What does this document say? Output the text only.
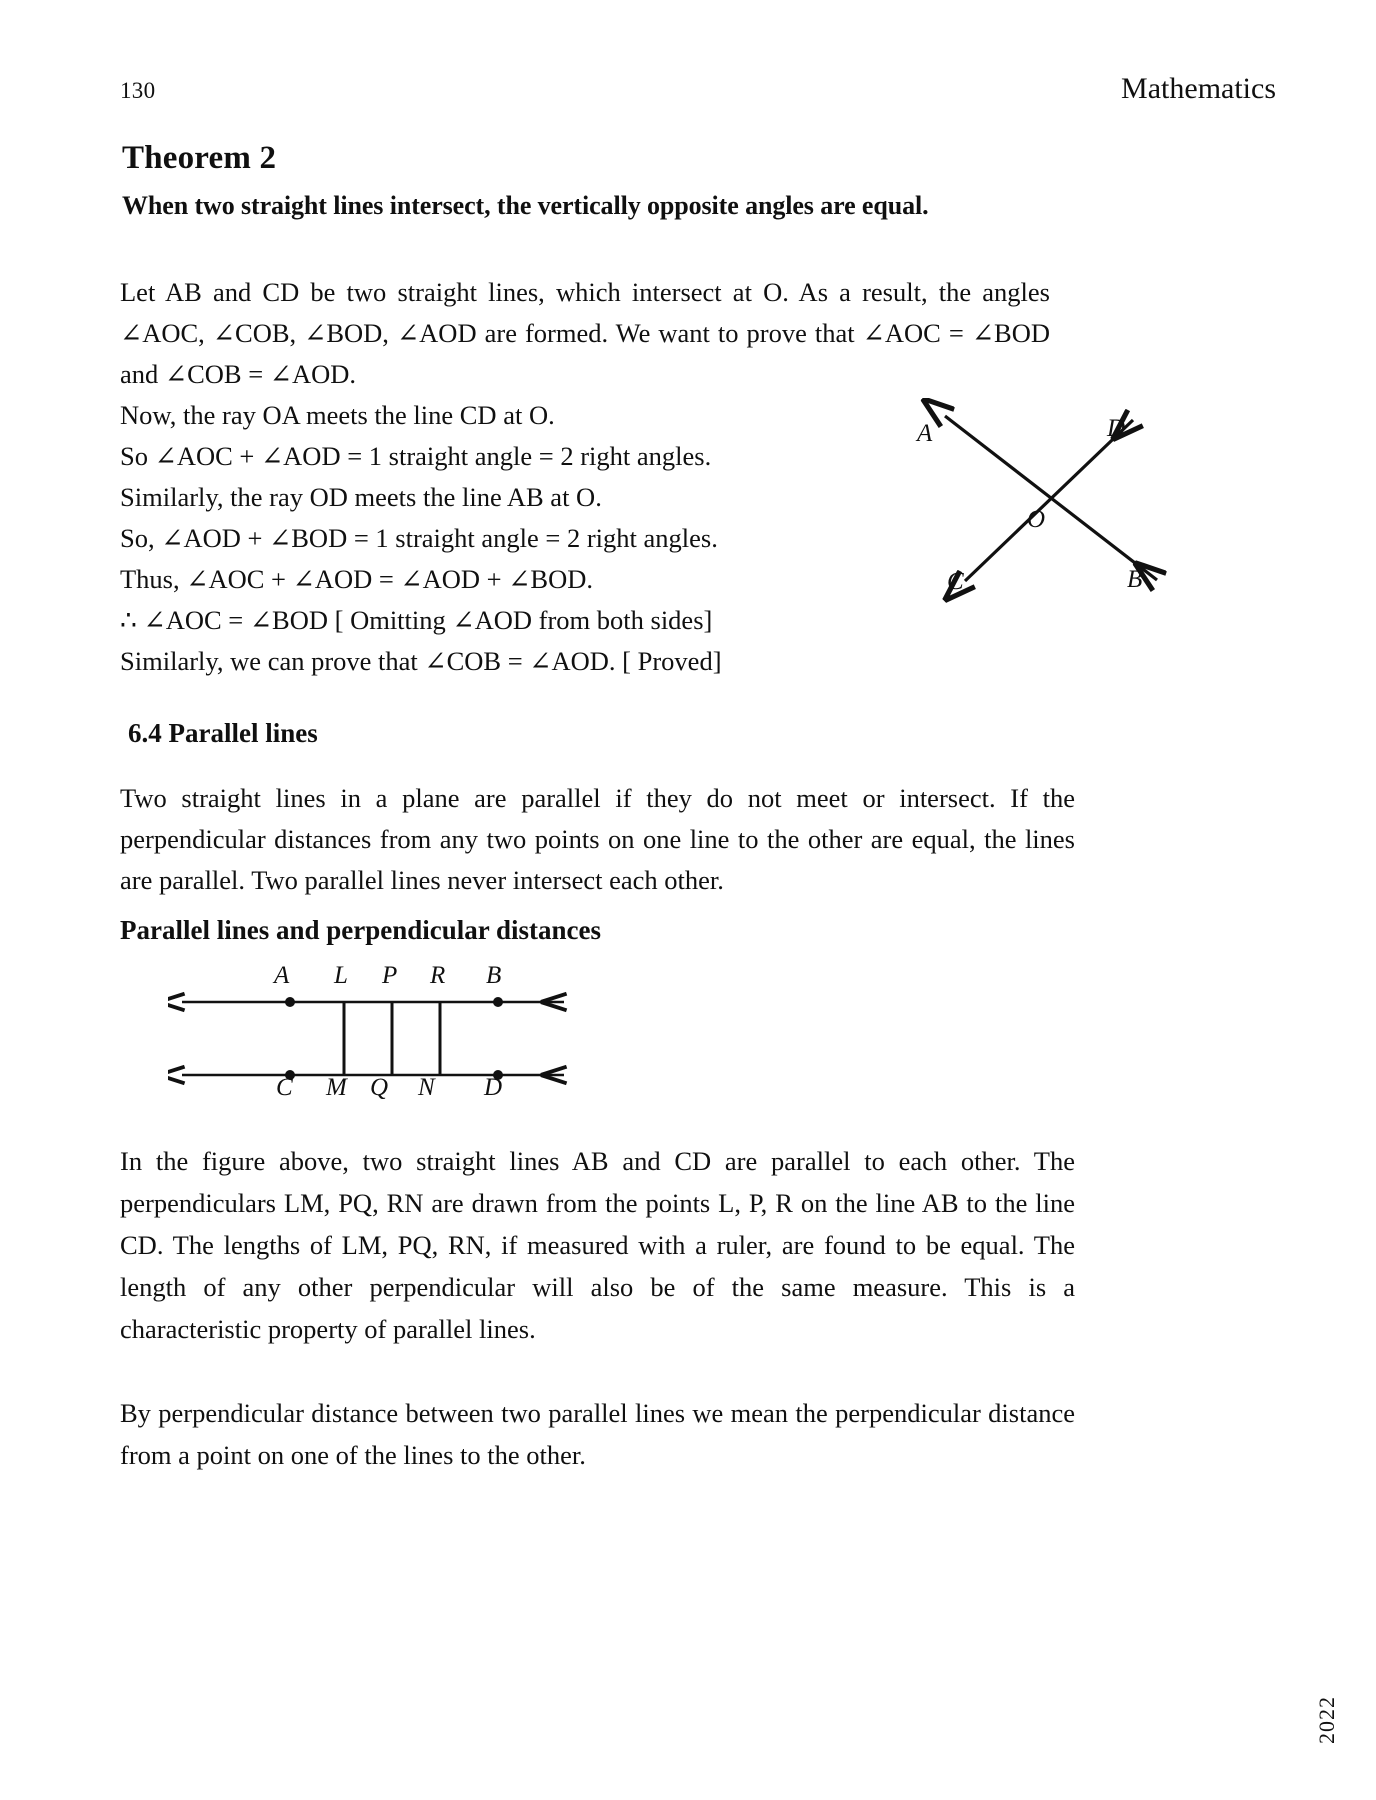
130	Mathematics
Theorem 2
When two straight lines intersect, the vertically opposite angles are equal.

Let AB and CD be two straight lines, which intersect at O. As a result, the angles ∠AOC, ∠COB, ∠BOD, ∠AOD are formed. We want to prove that ∠AOC = ∠BOD and ∠COB = ∠AOD.

Now, the ray OA meets the line CD at O.

So ∠AOC + ∠AOD = 1 straight angle = 2 right angles.

Similarly, the ray OD meets the line AB at O.

So, ∠AOD + ∠BOD = 1 straight angle = 2 right angles.

Thus, ∠AOC + ∠AOD = ∠AOD + ∠BOD.

∴ ∠AOC = ∠BOD [ Omitting ∠AOD from both sides]

Similarly, we can prove that ∠COB = ∠AOD. [ Proved]

A	D
O
C	B
6.4 Parallel lines
Two straight lines in a plane are parallel if they do not meet or intersect. If the perpendicular distances from any two points on one line to the other are equal, the lines are parallel. Two parallel lines never intersect each other.
Parallel lines and perpendicular distances
A L P R B
C M Q N D
In the figure above, two straight lines AB and CD are parallel to each other. The perpendiculars LM, PQ, RN are drawn from the points L, P, R on the line AB to the line CD. The lengths of LM, PQ, RN, if measured with a ruler, are found to be equal. The length of any other perpendicular will also be of the same measure. This is a characteristic property of parallel lines.
By perpendicular distance between two parallel lines we mean the perpendicular distance from a point on one of the lines to the other.
2022
